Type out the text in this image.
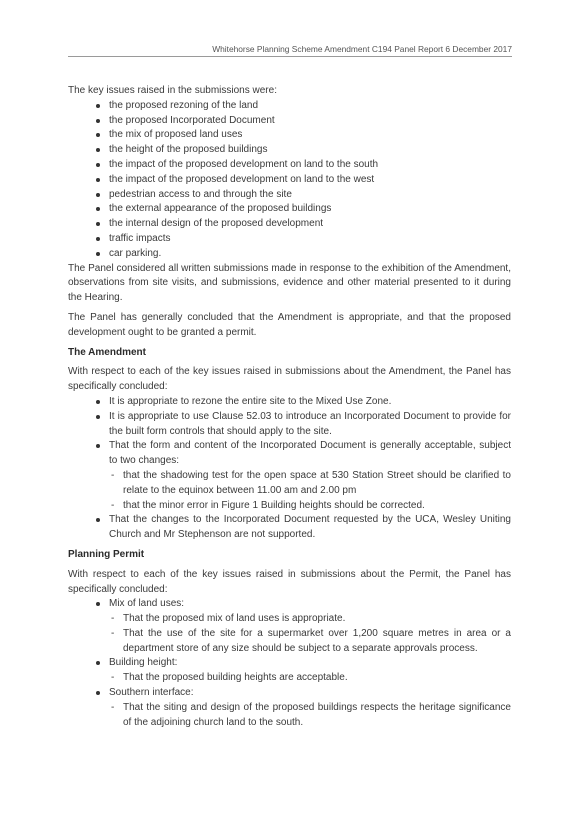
Whitehorse Planning Scheme Amendment C194 Panel Report 6 December 2017

The key issues raised in the submissions were:

the proposed rezoning of the land
the proposed Incorporated Document
the mix of proposed land uses
the height of the proposed buildings
the impact of the proposed development on land to the south
the impact of the proposed development on land to the west
pedestrian access to and through the site
the external appearance of the proposed buildings
the internal design of the proposed development
traffic impacts
car parking.

The Panel considered all written submissions made in response to the exhibition of the Amendment, observations from site visits, and submissions, evidence and other material presented to it during the Hearing.

The Panel has generally concluded that the Amendment is appropriate, and that the proposed development ought to be granted a permit.

The Amendment

With respect to each of the key issues raised in submissions about the Amendment, the Panel has specifically concluded:

It is appropriate to rezone the entire site to the Mixed Use Zone.
It is appropriate to use Clause 52.03 to introduce an Incorporated Document to provide for the built form controls that should apply to the site.
That the form and content of the Incorporated Document is generally acceptable, subject to two changes:
- that the shadowing test for the open space at 530 Station Street should be clarified to relate to the equinox between 11.00 am and 2.00 pm
- that the minor error in Figure 1 Building heights should be corrected.
That the changes to the Incorporated Document requested by the UCA, Wesley Uniting Church and Mr Stephenson are not supported.

Planning Permit

With respect to each of the key issues raised in submissions about the Permit, the Panel has specifically concluded:

Mix of land uses:
- That the proposed mix of land uses is appropriate.
- That the use of the site for a supermarket over 1,200 square metres in area or a department store of any size should be subject to a separate approvals process.
Building height:
- That the proposed building heights are acceptable.
Southern interface:
- That the siting and design of the proposed buildings respects the heritage significance of the adjoining church land to the south.
